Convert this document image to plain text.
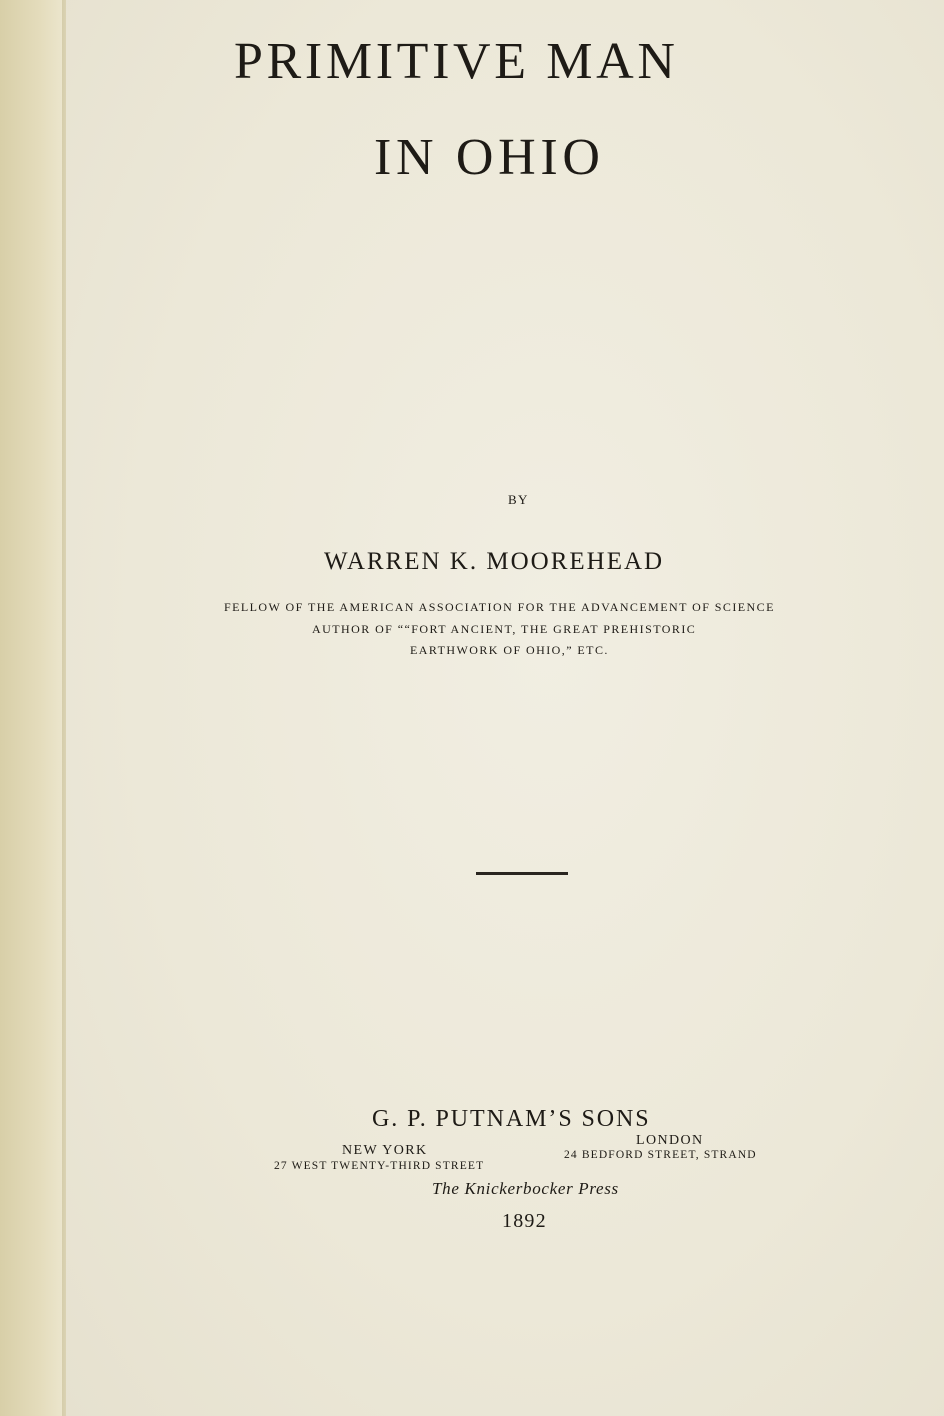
PRIMITIVE MAN
IN OHIO
BY
WARREN K. MOOREHEAD
FELLOW OF THE AMERICAN ASSOCIATION FOR THE ADVANCEMENT OF SCIENCE
AUTHOR OF ““FORT ANCIENT, THE GREAT PREHISTORIC
EARTHWORK OF OHIO,” ETC.
G. P. PUTNAM’S SONS
NEW YORK
LONDON
27 WEST TWENTY-THIRD STREET
24 BEDFORD STREET, STRAND
The Knickerbocker Press
1892
